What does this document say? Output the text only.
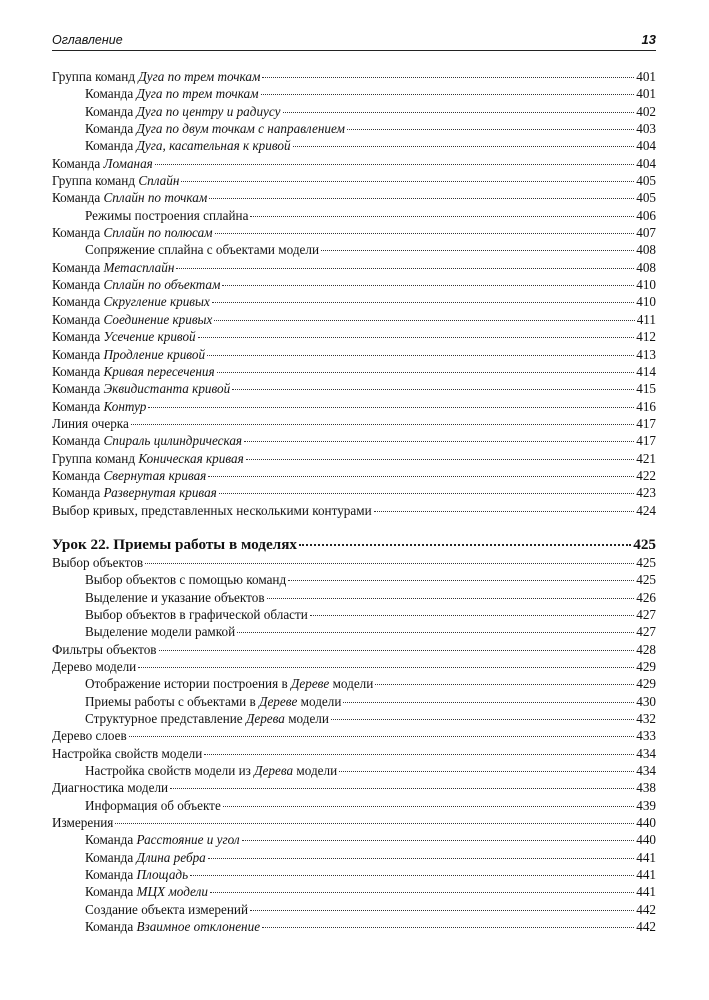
Оглавление	13
Группа команд Дуга по трем точкам	401
Команда Дуга по трем точкам	401
Команда Дуга по центру и радиусу	402
Команда Дуга по двум точкам с направлением	403
Команда Дуга, касательная к кривой	404
Команда Ломаная	404
Группа команд Сплайн	405
Команда Сплайн по точкам	405
Режимы построения сплайна	406
Команда Сплайн по полюсам	407
Сопряжение сплайна с объектами модели	408
Команда Метасплайн	408
Команда Сплайн по объектам	410
Команда Скругление кривых	410
Команда Соединение кривых	411
Команда Усечение кривой	412
Команда Продление кривой	413
Команда Кривая пересечения	414
Команда Эквидистанта кривой	415
Команда Контур	416
Линия очерка	417
Команда Спираль цилиндрическая	417
Группа команд Коническая кривая	421
Команда Свернутая кривая	422
Команда Развернутая кривая	423
Выбор кривых, представленных несколькими контурами	424
Урок 22. Приемы работы в моделях	425
Выбор объектов	425
Выбор объектов с помощью команд	425
Выделение и указание объектов	426
Выбор объектов в графической области	427
Выделение модели рамкой	427
Фильтры объектов	428
Дерево модели	429
Отображение истории построения в Дереве модели	429
Приемы работы с объектами в Дереве модели	430
Структурное представление Дерева модели	432
Дерево слоев	433
Настройка свойств модели	434
Настройка свойств модели из Дерева модели	434
Диагностика модели	438
Информация об объекте	439
Измерения	440
Команда Расстояние и угол	440
Команда Длина ребра	441
Команда Площадь	441
Команда МЦХ модели	441
Создание объекта измерений	442
Команда Взаимное отклонение	442
